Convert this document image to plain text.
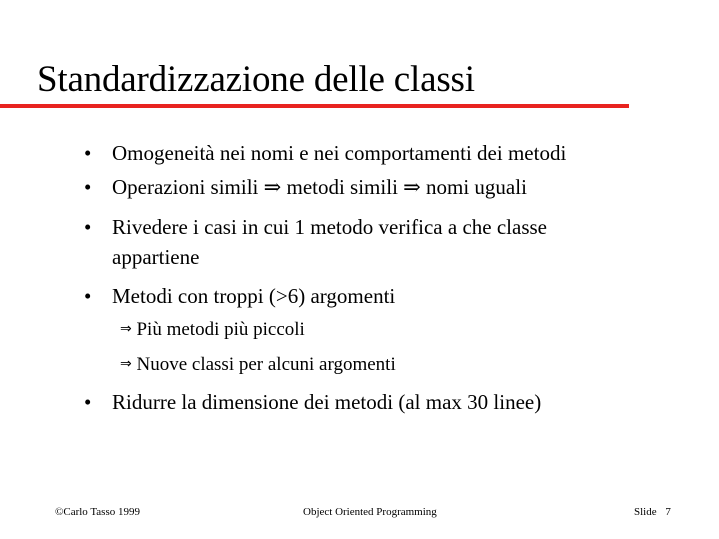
Standardizzazione delle classi
• Omogeneità nei nomi e nei comportamenti dei metodi
• Operazioni simili ⇒ metodi simili ⇒ nomi uguali
• Rivedere i casi in cui 1 metodo verifica a che classe
appartiene
• Metodi con troppi (>6) argomenti
⇒ Più metodi più piccoli
⇒ Nuove classi per alcuni argomenti
• Ridurre la dimensione dei metodi (al max 30 linee)
©Carlo Tasso 1999	Object Oriented Programming	Slide 7
